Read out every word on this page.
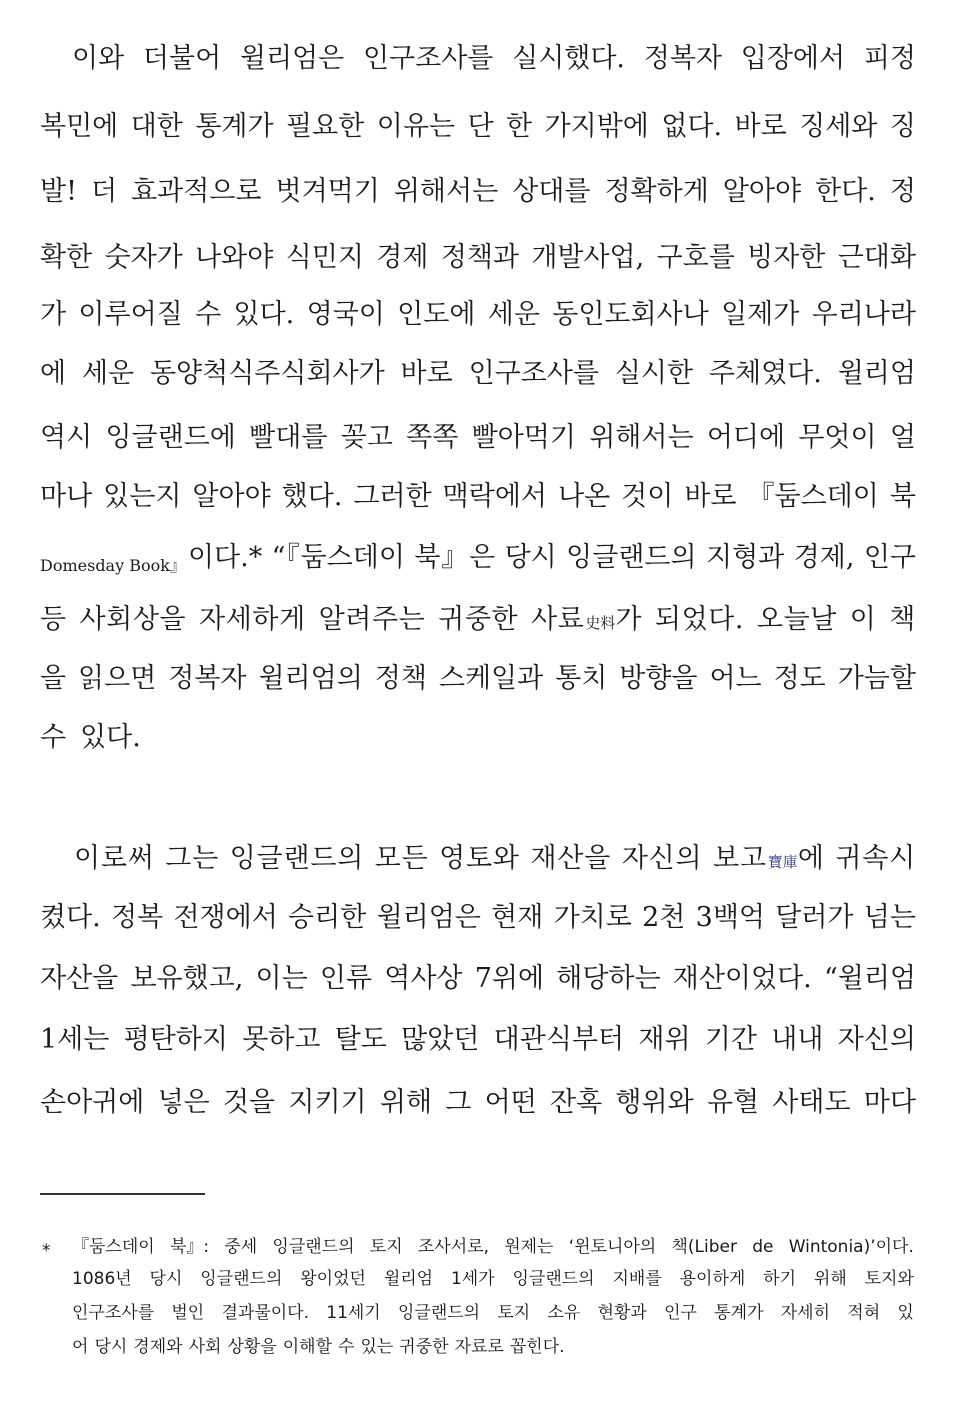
이와 더불어 윌리엄은 인구조사를 실시했다. 정복자 입장에서 피정
복민에 대한 통계가 필요한 이유는 단 한 가지밖에 없다. 바로 징세와 징
발! 더 효과적으로 벗겨먹기 위해서는 상대를 정확하게 알아야 한다. 정
확한 숫자가 나와야 식민지 경제 정책과 개발사업, 구호를 빙자한 근대화
가 이루어질 수 있다. 영국이 인도에 세운 동인도회사나 일제가 우리나라
에 세운 동양척식주식회사가 바로 인구조사를 실시한 주체였다. 윌리엄
역시 잉글랜드에 빨대를 꽂고 쪽쪽 빨아먹기 위해서는 어디에 무엇이 얼
마나 있는지 알아야 했다. 그러한 맥락에서 나온 것이 바로 『둠스데이 북
Domesday Book』 이다.* “『둠스데이 북』은 당시 잉글랜드의 지형과 경제, 인구
등 사회상을 자세하게 알려주는 귀중한 사료史料가 되었다. 오늘날 이 책
을 읽으면 정복자 윌리엄의 정책 스케일과 통치 방향을 어느 정도 가늠할
수 있다.
이로써 그는 잉글랜드의 모든 영토와 재산을 자신의 보고寶庫에 귀속시
켰다. 정복 전쟁에서 승리한 윌리엄은 현재 가치로 2천 3백억 달러가 넘는
자산을 보유했고, 이는 인류 역사상 7위에 해당하는 재산이었다. “윌리엄
1세는 평탄하지 못하고 탈도 많았던 대관식부터 재위 기간 내내 자신의
손아귀에 넣은 것을 지키기 위해 그 어떤 잔혹 행위와 유혈 사태도 마다
* 『둠스데이 북』: 중세 잉글랜드의 토지 조사서로, 원제는 ‘윈토니아의 책(Liber de Wintonia)’이다.
1086년 당시 잉글랜드의 왕이었던 윌리엄 1세가 잉글랜드의 지배를 용이하게 하기 위해 토지와
인구조사를 벌인 결과물이다. 11세기 잉글랜드의 토지 소유 현황과 인구 통계가 자세히 적혀 있
어 당시 경제와 사회 상황을 이해할 수 있는 귀중한 자료로 꼽힌다.
